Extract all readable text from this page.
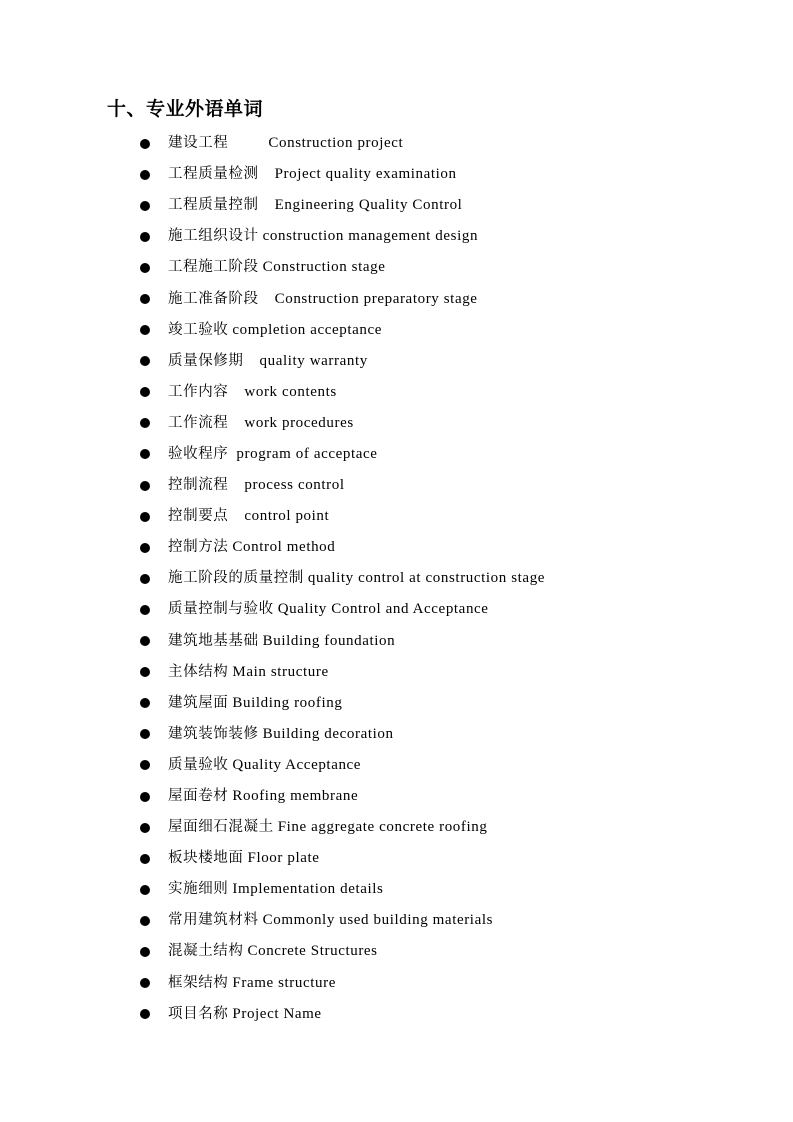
十、专业外语单词
建设工程	Construction project
工程质量检测 Project quality examination
工程质量控制 Engineering Quality Control
施工组织设计 construction management design
工程施工阶段 Construction stage
施工准备阶段 Construction preparatory stage
竣工验收 completion acceptance
质量保修期 quality warranty
工作内容 work contents
工作流程 work procedures
验收程序 program of acceptace
控制流程 process control
控制要点 control point
控制方法 Control method
施工阶段的质量控制 quality control at construction stage
质量控制与验收 Quality Control and Acceptance
建筑地基基础 Building foundation
主体结构 Main structure
建筑屋面 Building roofing
建筑装饰装修 Building decoration
质量验收 Quality Acceptance
屋面卷材 Roofing membrane
屋面细石混凝土 Fine aggregate concrete roofing
板块楼地面 Floor plate
实施细则 Implementation details
常用建筑材料 Commonly used building materials
混凝土结构 Concrete Structures
框架结构 Frame structure
项目名称 Project Name
